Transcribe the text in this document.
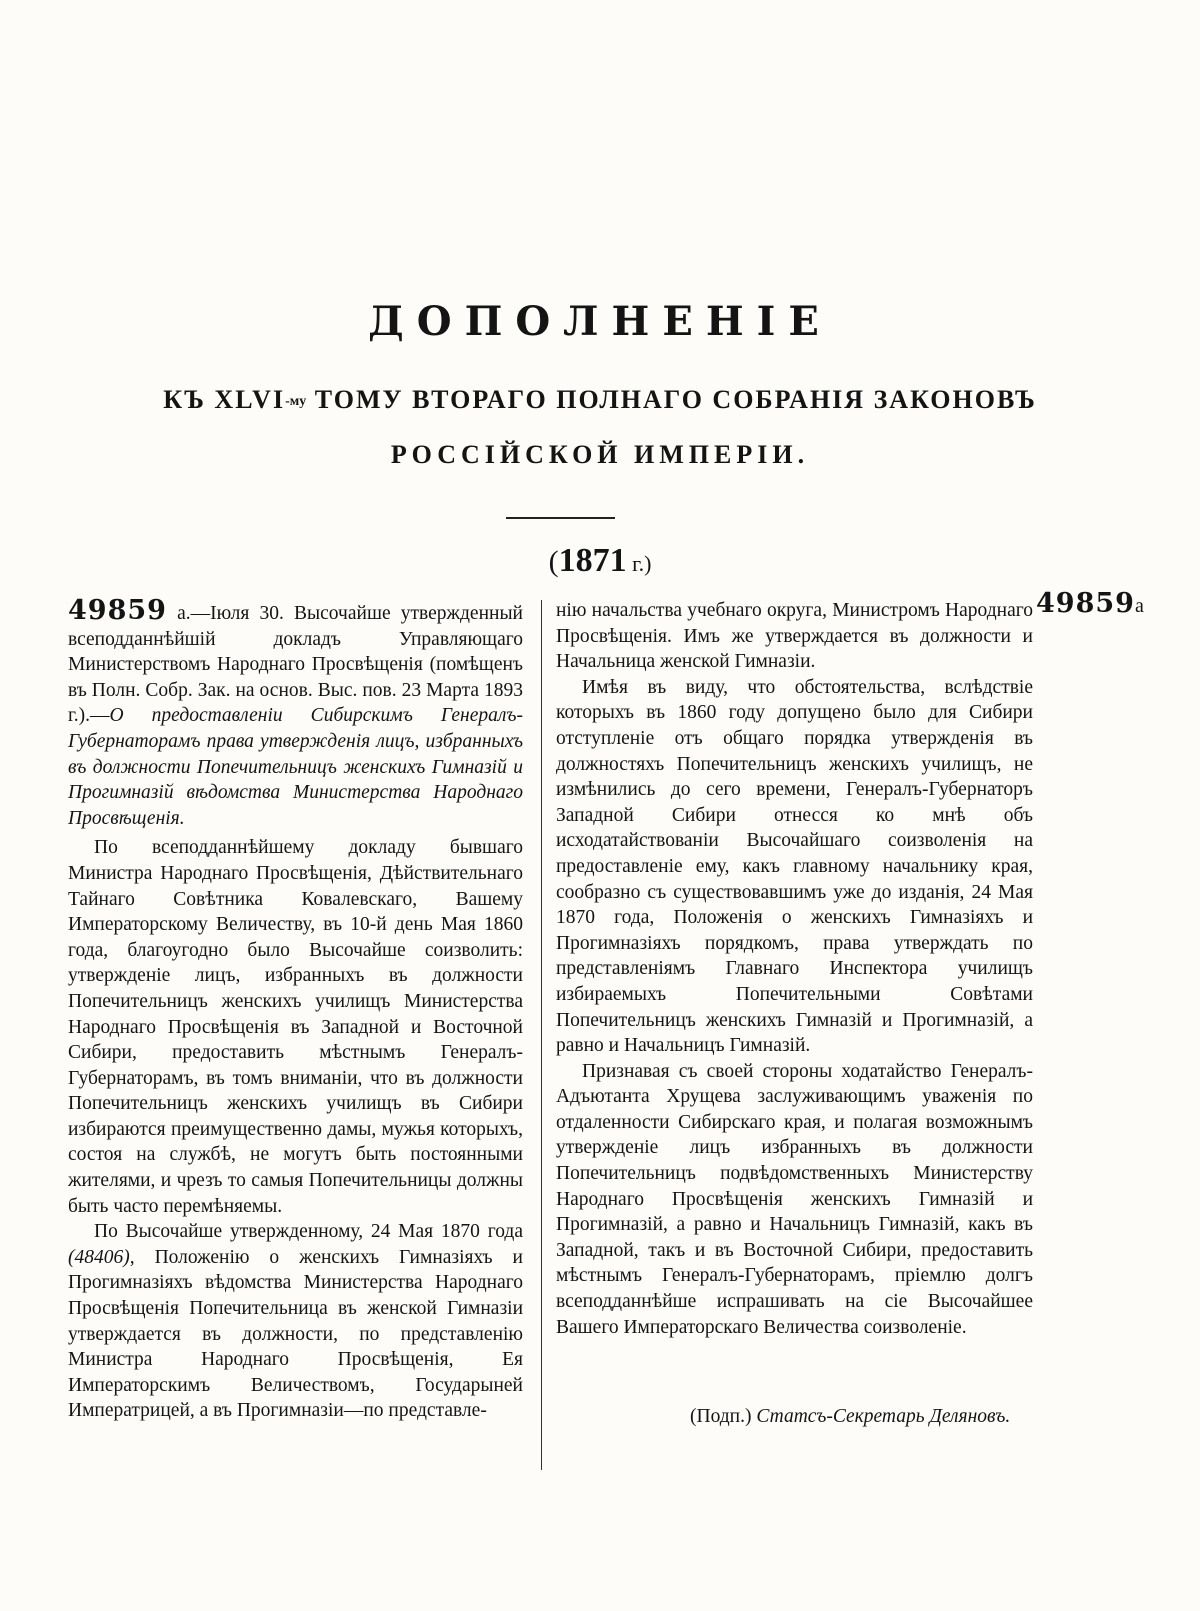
ДОПОЛНЕНІЕ
КЪ XLVI-му ТОМУ ВТОРАГО ПОЛНАГО СОБРАНІЯ ЗАКОНОВЪ
РОССІЙСКОЙ ИМПЕРІИ.
(1871 г.)

49859 а.—Іюля 30. Высочайше утвержденный всеподданнѣйшій докладъ Управляющаго Министерствомъ Народнаго Просвѣщенія (помѣщенъ въ Полн. Собр. Зак. на основ. Выс. пов. 23 Марта 1893 г.).—О предоставленіи Сибирскимъ Генералъ-Губернаторамъ права утвержденія лицъ, избранныхъ въ должности Попечительницъ женскихъ Гимназій и Прогимназій вѣдомства Министерства Народнаго Просвѣщенія.

По всеподданнѣйшему докладу бывшаго Министра Народнаго Просвѣщенія, Дѣйствительнаго Тайнаго Совѣтника Ковалевскаго, Вашему Императорскому Величеству, въ 10-й день Мая 1860 года, благоугодно было Высочайше соизволить: утвержденіе лицъ, избранныхъ въ должности Попечительницъ женскихъ училищъ Министерства Народнаго Просвѣщенія въ Западной и Восточной Сибири, предоставить мѣстнымъ Генералъ-Губернаторамъ, въ томъ вниманіи, что въ должности Попечительницъ женскихъ училищъ въ Сибири избираются преимущественно дамы, мужья которыхъ, состоя на службѣ, не могутъ быть постоянными жителями, и чрезъ то самыя Попечительницы должны быть часто перемѣняемы.

По Высочайше утвержденному, 24 Мая 1870 года (48406), Положенію о женскихъ Гимназіяхъ и Прогимназіяхъ вѣдомства Министерства Народнаго Просвѣщенія Попечительница въ женской Гимназіи утверждается въ должности, по представленію Министра Народнаго Просвѣщенія, Ея Императорскимъ Величествомъ, Государыней Императрицей, а въ Прогимназіи—по представле-

нію начальства учебнаго округа, Министромъ Народнаго Просвѣщенія. Имъ же утверждается въ должности и Начальница женской Гимназіи.

Имѣя въ виду, что обстоятельства, вслѣдствіе которыхъ въ 1860 году допущено было для Сибири отступленіе отъ общаго порядка утвержденія въ должностяхъ Попечительницъ женскихъ училищъ, не измѣнились до сего времени, Генералъ-Губернаторъ Западной Сибири отнесся ко мнѣ объ исходатайствованіи Высочайшаго соизволенія на предоставленіе ему, какъ главному начальнику края, сообразно съ существовавшимъ уже до изданія, 24 Мая 1870 года, Положенія о женскихъ Гимназіяхъ и Прогимназіяхъ порядкомъ, права утверждать по представленіямъ Главнаго Инспектора училищъ избираемыхъ Попечительными Совѣтами Попечительницъ женскихъ Гимназій и Прогимназій, а равно и Начальницъ Гимназій.

Признавая съ своей стороны ходатайство Генералъ-Адъютанта Хрущева заслуживающимъ уваженія по отдаленности Сибирскаго края, и полагая возможнымъ утвержденіе лицъ избранныхъ въ должности Попечительницъ подвѣдомственныхъ Министерству Народнаго Просвѣщенія женскихъ Гимназій и Прогимназій, а равно и Начальницъ Гимназій, какъ въ Западной, такъ и въ Восточной Сибири, предоставить мѣстнымъ Генералъ-Губернаторамъ, пріемлю долгъ всеподданнѣйше испрашивать на сіе Высочайшее Вашего Императорскаго Величества соизволеніе.

49859а
(Подп.) Статсъ-Секретарь Деляновъ.
